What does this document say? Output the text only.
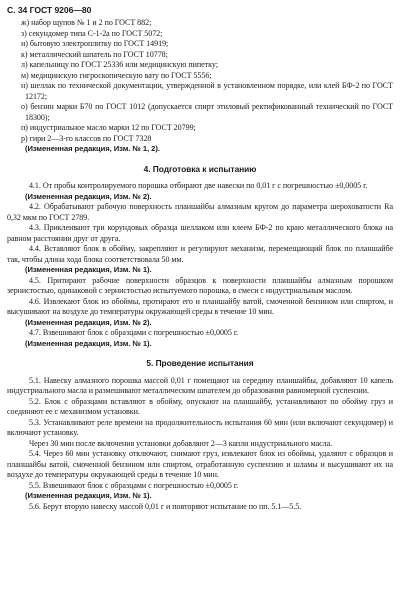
С. 34 ГОСТ 9206—80

ж) набор щупов № 1 и 2 по ГОСТ 882;

з) секундомер типа С-1-2а по ГОСТ 5072;

и) бытовую электроплитку по ГОСТ 14919;

к) металлический шпатель по ГОСТ 10778;

л) капельницу по ГОСТ 25336 или медицинскую пипетку;

м) медицинскую гигроскопическую вату по ГОСТ 5556;

н) шеллак по технической документации, утвержденной в установленном порядке, или клей БФ-2 по ГОСТ 12172;

о) бензин марки Б70 по ГОСТ 1012 (допускается спирт этиловый ректификованный технический по ГОСТ 18300);

п) индустриальное масло марки 12 по ГОСТ 20799;

р) гири 2—3-го классов по ГОСТ 7328

(Измененная редакция, Изм. № 1, 2).

4. Подготовка к испытанию

4.1. От пробы контролируемого порошка отбирают две навески по 0,01 г с погрешностью ±0,0005 г.

(Измененная редакция, Изм. № 2).

4.2. Обрабатывают рабочую поверхность планшайбы алмазным кругом до параметра шероховатости Ra 0,32 мкм по ГОСТ 2789.

4.3. Приклеивают три корундовых образца шеллаком или клеем БФ-2 по краю металлического блока на равном расстоянии друг от друга.

4.4. Вставляют блок в обойму, закрепляют и регулируют механизм, перемещающий блок по планшайбе так, чтобы длина хода блока соответствовала 50 мм.

(Измененная редакция, Изм. № 1).

4.5. Притирают рабочие поверхности образцов к поверхности планшайбы алмазным порошком зернистостью, одинаковой с зернистостью испытуемого порошка, в смеси с индустриальным маслом.

4.6. Извлекают блок из обоймы, протирают его и планшайбу ватой, смоченной бензином или спиртом, и высушивают на воздухе до температуры окружающей среды в течение 10 мин.

(Измененная редакция, Изм. № 2).

4.7. Взвешивают блок с образцами с погрешностью ±0,0005 г.

(Измененная редакция, Изм. № 1).

5. Проведение испытания

5.1. Навеску алмазного порошка массой 0,01 г помещают на середину планшайбы, добавляют 10 капель индустриального масла и размешивают металлическим шпателем до образования равномерной суспензии.

5.2. Блок с образцами вставляют в обойму, опускают на планшайбу, устанавливают по обойму груз и соединяют ее с механизмом установки.

5.3. Устанавливают реле времени на продолжительность испытания 60 мин (или включают секундомер) и включают установку.

Через 30 мин после включения установки добавляют 2—3 капли индустриального масла.

5.4. Через 60 мин установку отключают, снимают груз, извлекают блок из обоймы, удаляют с образцов и планшайбы ватой, смоченной бензином или спиртом, отработанную суспензию и шламы и высушивают их на воздухе до температуры окружающей среды в течение 10 мин.

5.5. Взвешивают блок с образцами с погрешностью ±0,0005 г.

(Измененная редакция, Изм. № 1).

5.6. Берут вторую навеску массой 0,01 г и повторяют испытание по пп. 5.1—5.5.
